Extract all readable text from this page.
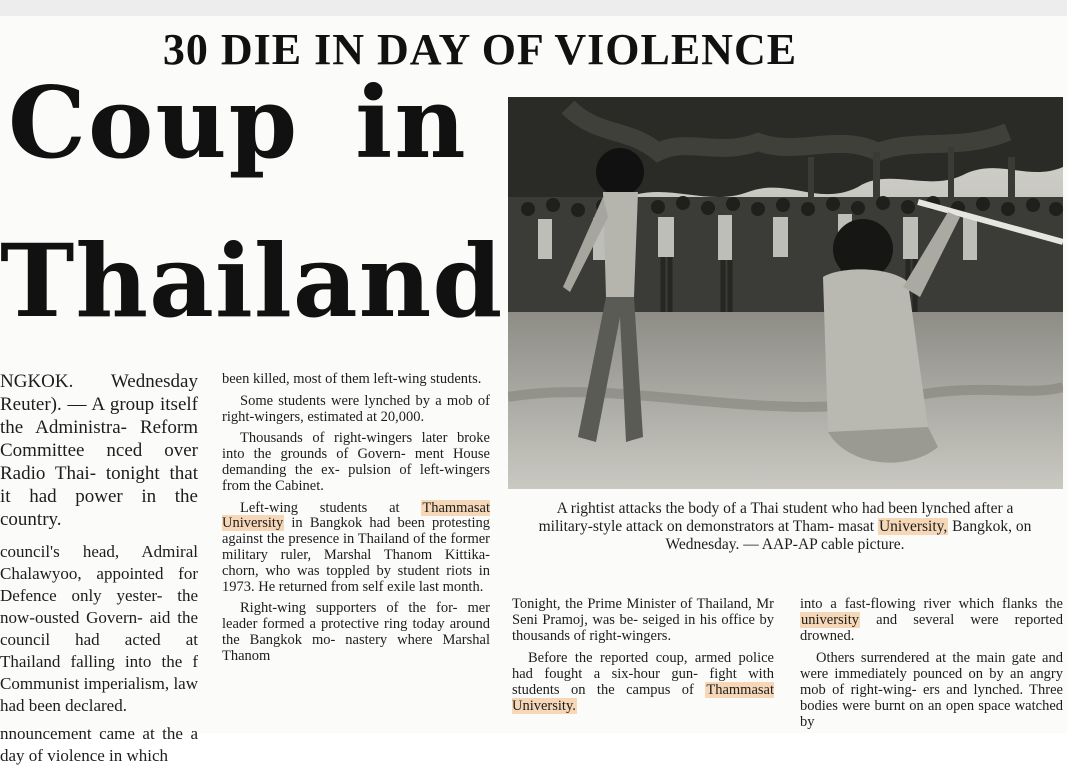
30 DIE IN DAY OF VIOLENCE
Coup in
Thailand

NGKOK. Wednesday Reuter). — A group itself the Administra- Reform Committee nced over Radio Thai- tonight that it had power in the country.

council's head, Admiral Chalawyoo, appointed for Defence only yester- the now-ousted Govern- aid the council had acted at Thailand falling into the f Communist imperialism, law had been declared.

nnouncement came at the a day of violence in which

been killed, most of them left-wing students.

Some students were lynched by a mob of right-wingers, estimated at 20,000.

Thousands of right-wingers later broke into the grounds of Govern- ment House demanding the ex- pulsion of left-wingers from the Cabinet.

Left-wing students at Thammasat University in Bangkok had been protesting against the presence in Thailand of the former military ruler, Marshal Thanom Kittika- chorn, who was toppled by student riots in 1973. He returned from self exile last month.

Right-wing supporters of the for- mer leader formed a protective ring today around the Bangkok mo- nastery where Marshal Thanom

A rightist attacks the body of a Thai student who had been lynched after a military-style attack on demonstrators at Tham- masat University, Bangkok, on Wednesday. — AAP-AP cable picture.

Tonight, the Prime Minister of Thailand, Mr Seni Pramoj, was be- seiged in his office by thousands of right-wingers.

Before the reported coup, armed police had fought a six-hour gun- fight with students on the campus of Thammasat University.

into a fast-flowing river which flanks the university and several were reported drowned.

Others surrendered at the main gate and were immediately pounced on by an angry mob of right-wing- ers and lynched. Three bodies were burnt on an open space watched by
